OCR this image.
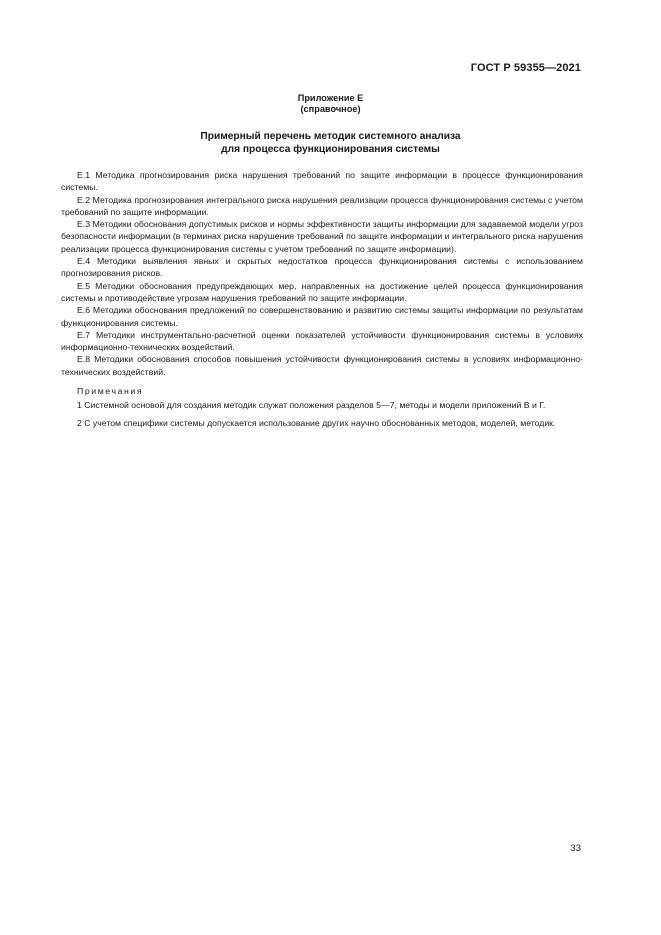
ГОСТ Р 59355—2021
Приложение Е
(справочное)
Примерный перечень методик системного анализа
для процесса функционирования системы

Е.1 Методика прогнозирования риска нарушения требований по защите информации в процессе функционирования системы.

Е.2 Методика прогнозирования интегрального риска нарушения реализации процесса функционирования системы с учетом требований по защите информации.

Е.3 Методики обоснования допустимых рисков и нормы эффективности защиты информации для задаваемой модели угроз безопасности информации (в терминах риска нарушения требований по защите информации и интегрального риска нарушения реализации процесса функционирования системы с учетом требований по защите информации).

Е.4 Методики выявления явных и скрытых недостатков процесса функционирования системы с использованием прогнозирования рисков.

Е.5 Методики обоснования предупреждающих мер, направленных на достижение целей процесса функционирования системы и противодействие угрозам нарушения требований по защите информации.

Е.6 Методики обоснования предложений по совершенствованию и развитию системы защиты информации по результатам функционирования системы.

Е.7 Методики инструментально-расчетной оценки показателей устойчивости функционирования системы в условиях информационно-технических воздействий.

Е.8 Методики обоснования способов повышения устойчивости функционирования системы в условиях информационно-технических воздействий.

Примечания

1 Системной основой для создания методик служат положения разделов 5—7, методы и модели приложений В и Г.

2 С учетом специфики системы допускается использование других научно обоснованных методов, моделей, методик.

33
